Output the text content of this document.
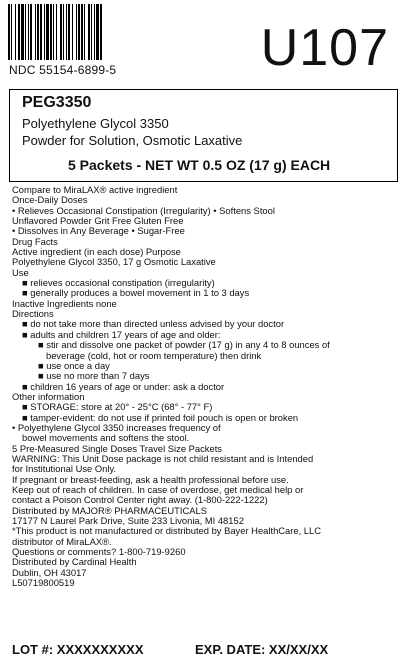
NDC 55154-6899-5	U107
PEG3350
Polyethylene Glycol 3350
Powder for Solution, Osmotic Laxative
5 Packets - NET WT 0.5 OZ (17 g) EACH
Compare to MiraLAX® active ingredient
Once-Daily Doses
• Relieves Occasional Constipation (Irregularity) • Softens Stool
Unflavored Powder Grit Free Gluten Free
• Dissolves in Any Beverage • Sugar-Free
Drug Facts
Active ingredient (in each dose) Purpose
Polyethylene Glycol 3350, 17 g Osmotic Laxative
Use
■ relieves occasional constipation (irregularity)
■ generally produces a bowel movement in 1 to 3 days
Inactive Ingredients none
Directions
■ do not take more than directed unless advised by your doctor
■ adults and children 17 years of age and older:
■ stir and dissolve one packet of powder (17 g) in any 4 to 8 ounces of
beverage (cold, hot or room temperature) then drink
■ use once a day
■ use no more than 7 days
■ children 16 years of age or under: ask a doctor
Other information
■ STORAGE: store at 20° - 25°C (68° - 77° F)
■ tamper-evident: do not use if printed foil pouch is open or broken
• Polyethylene Glycol 3350 increases frequency of
bowel movements and softens the stool.
5 Pre-Measured Single Doses Travel Size Packets
WARNING: This Unit Dose package is not child resistant and is Intended
for Institutional Use Only.
If pregnant or breast-feeding, ask a health professional before use.
Keep out of reach of children. In case of overdose, get medical help or
contact a Poison Control Center right away. (1-800-222-1222)
Distributed by MAJOR® PHARMACEUTICALS
17177 N Laurel Park Drive, Suite 233 Livonia, MI 48152
*This product is not manufactured or distributed by Bayer HealthCare, LLC
distributor of MiraLAX®.
Questions or comments? 1-800-719-9260
Distributed by Cardinal Health
Dublin, OH 43017
L50719800519
LOT #: XXXXXXXXXX	EXP. DATE: XX/XX/XX
